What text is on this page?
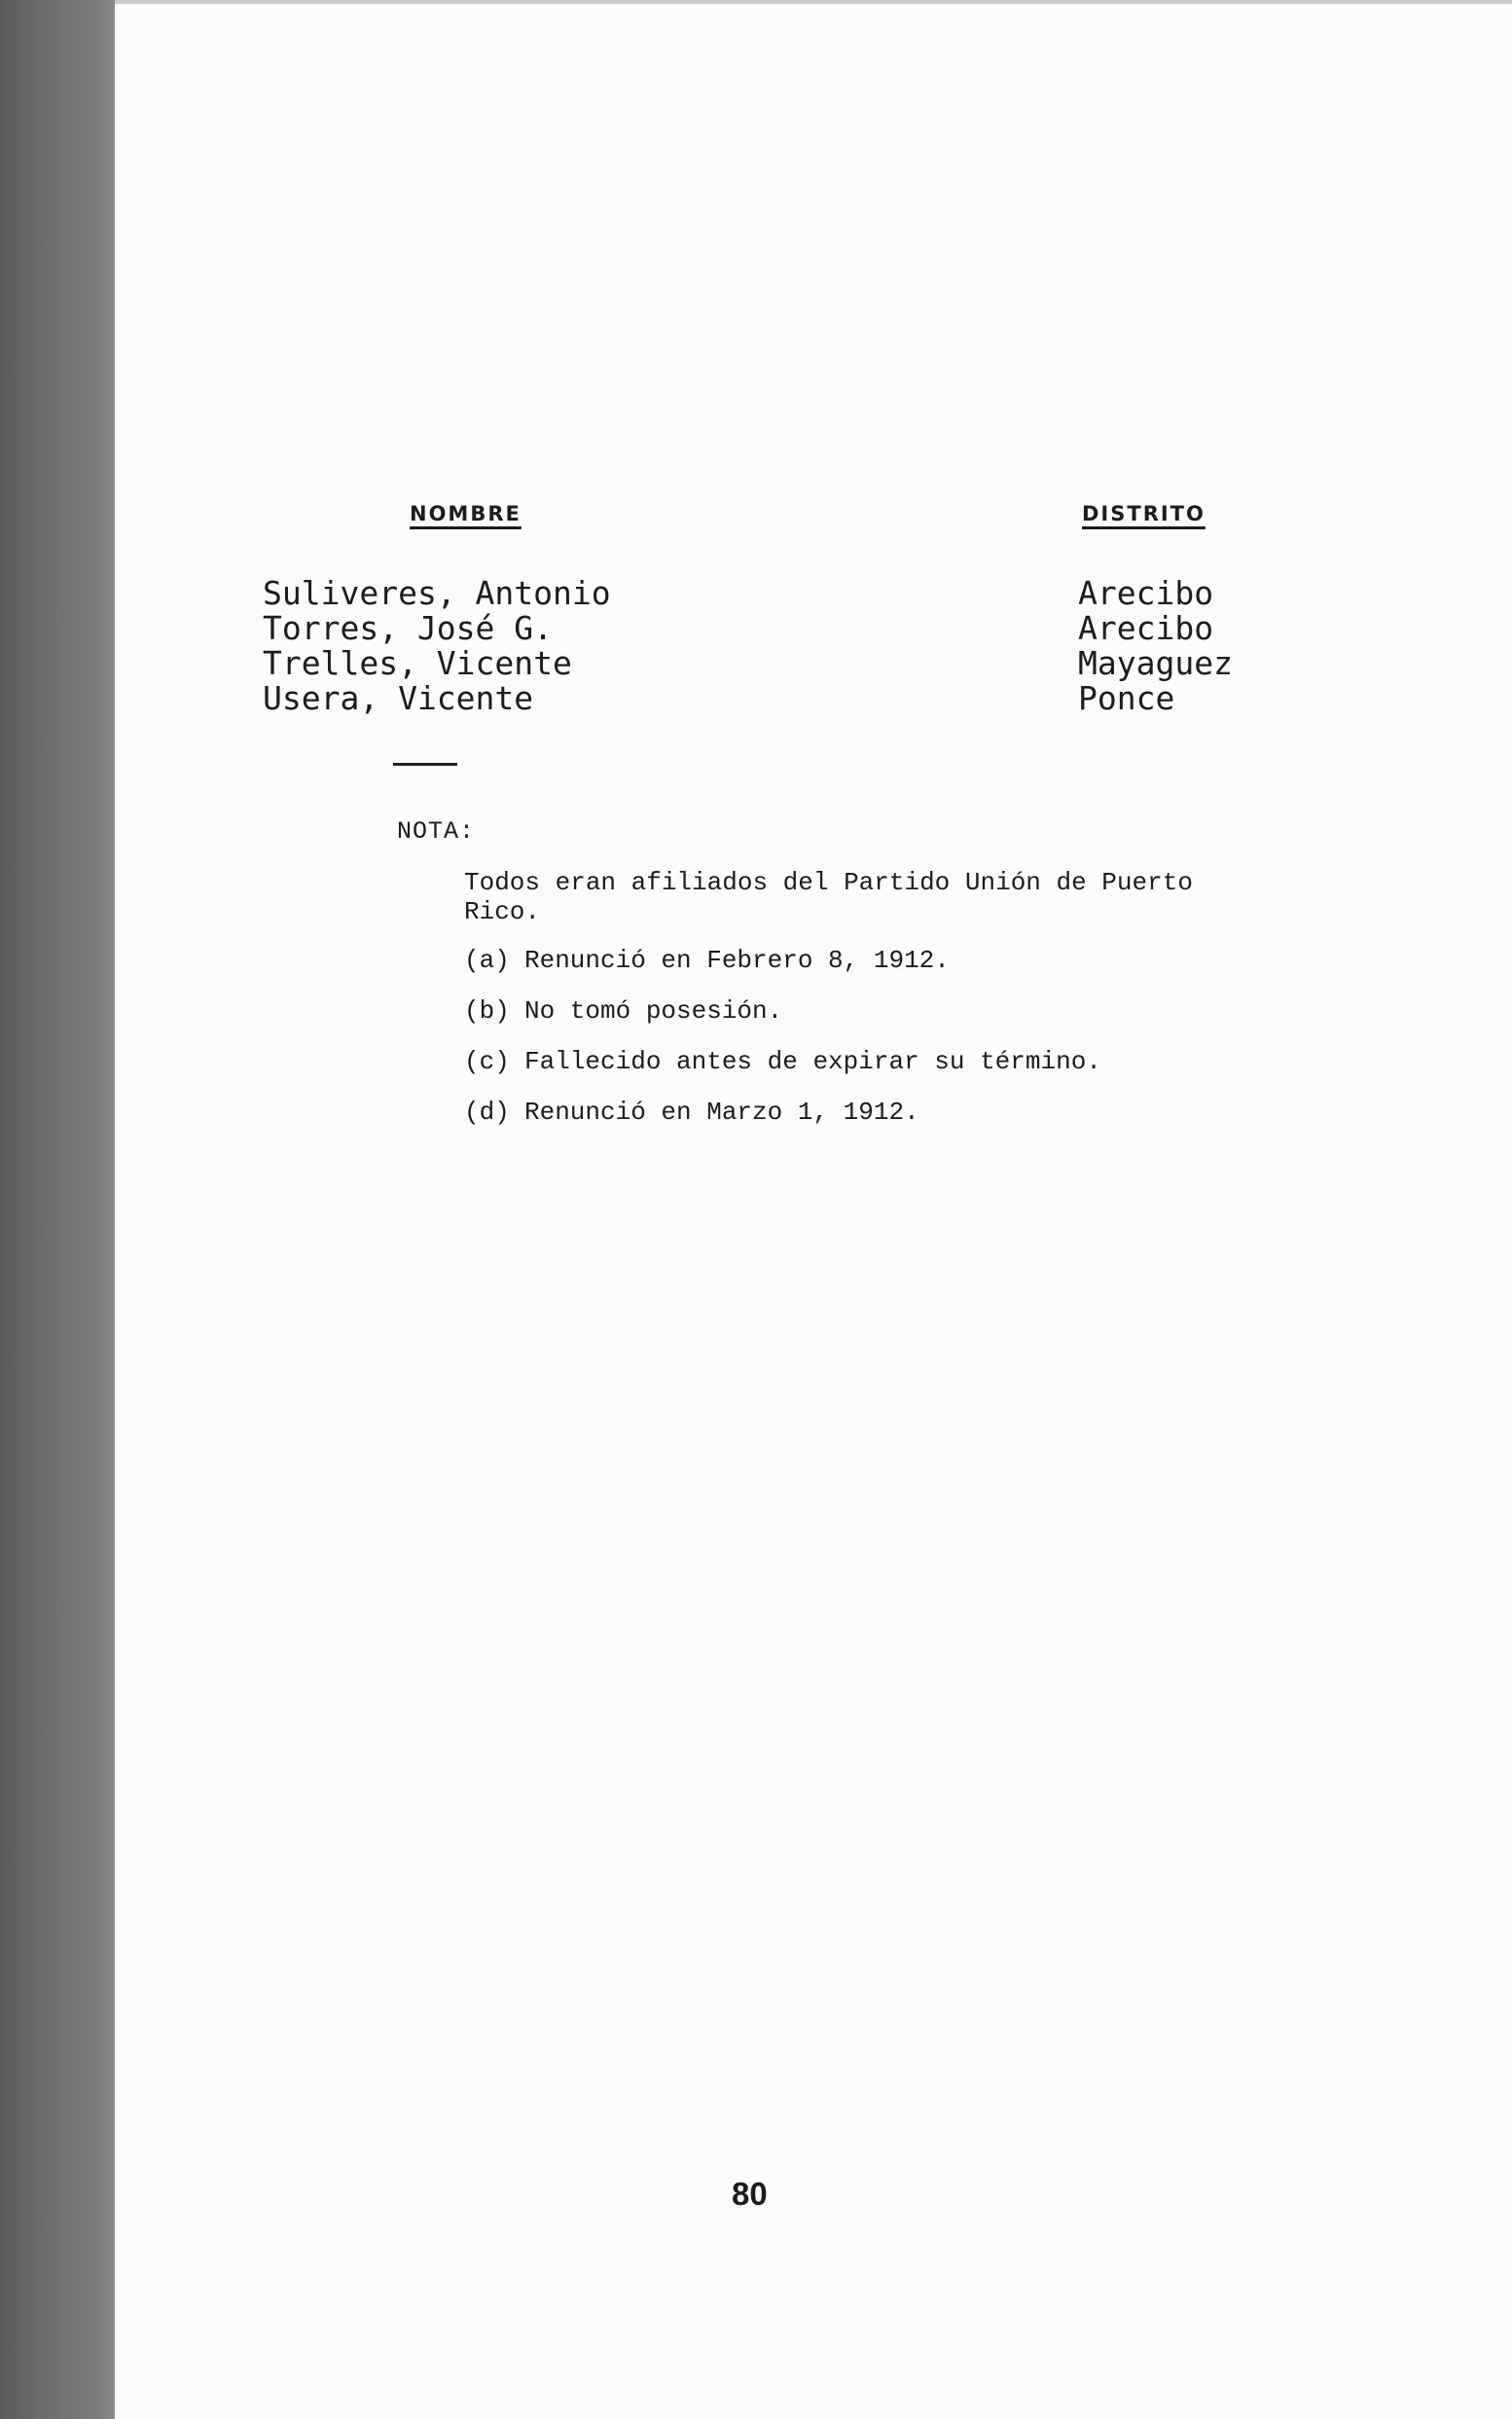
NOMBRE	DISTRITO
Suliveres, Antonio
Torres, José G.
Trelles, Vicente
Usera, Vicente
Arecibo
Arecibo
Mayaguez
Ponce
NOTA:

Todos eran afiliados del Partido Unión de Puerto Rico.

(a) Renunció en Febrero 8, 1912.
(b) No tomó posesión.
(c) Fallecido antes de expirar su término.
(d) Renunció en Marzo 1, 1912.
80
